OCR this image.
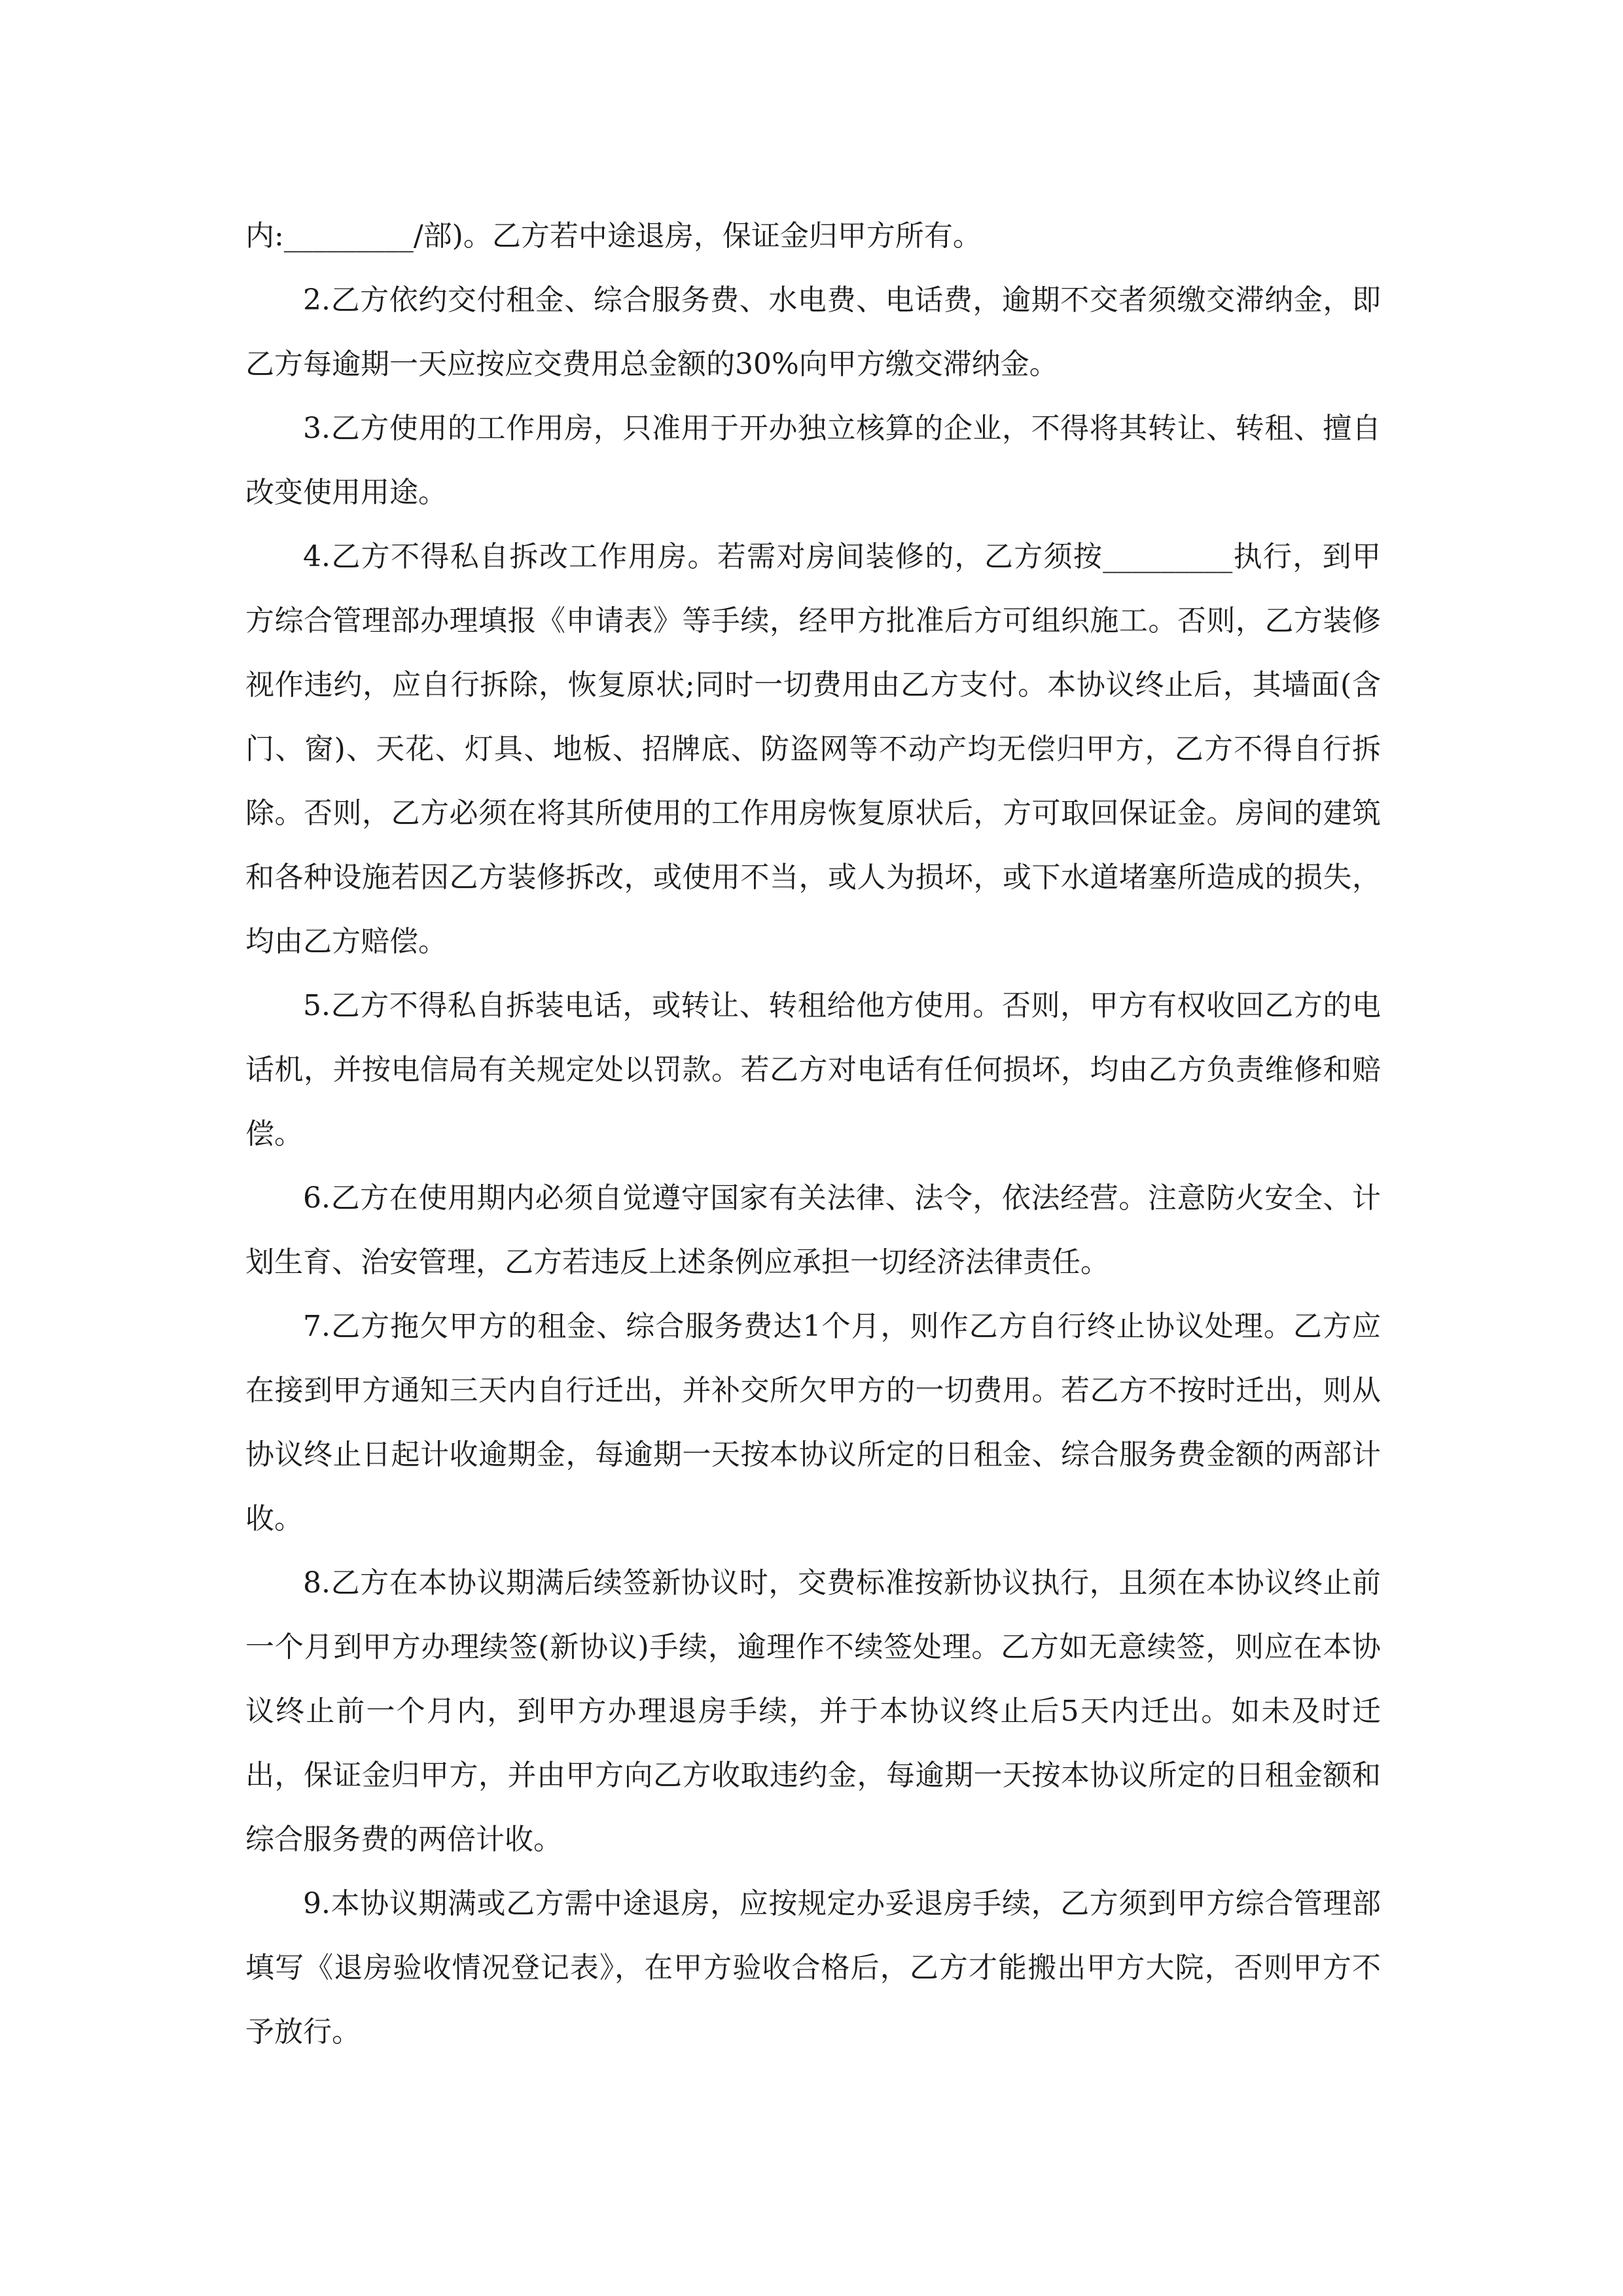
内:_________/部)。乙方若中途退房，保证金归甲方所有。

2.乙方依约交付租金、综合服务费、水电费、电话费，逾期不交者须缴交滞纳金，即乙方每逾期一天应按应交费用总金额的30%向甲方缴交滞纳金。

3.乙方使用的工作用房，只准用于开办独立核算的企业，不得将其转让、转租、擅自改变使用用途。

4.乙方不得私自拆改工作用房。若需对房间装修的，乙方须按_________执行，到甲方综合管理部办理填报《申请表》等手续，经甲方批准后方可组织施工。否则，乙方装修视作违约，应自行拆除，恢复原状;同时一切费用由乙方支付。本协议终止后，其墙面(含门、窗)、天花、灯具、地板、招牌底、防盗网等不动产均无偿归甲方，乙方不得自行拆除。否则，乙方必须在将其所使用的工作用房恢复原状后，方可取回保证金。房间的建筑和各种设施若因乙方装修拆改，或使用不当，或人为损坏，或下水道堵塞所造成的损失，均由乙方赔偿。

5.乙方不得私自拆装电话，或转让、转租给他方使用。否则，甲方有权收回乙方的电话机，并按电信局有关规定处以罚款。若乙方对电话有任何损坏，均由乙方负责维修和赔偿。

6.乙方在使用期内必须自觉遵守国家有关法律、法令，依法经营。注意防火安全、计划生育、治安管理，乙方若违反上述条例应承担一切经济法律责任。

7.乙方拖欠甲方的租金、综合服务费达1个月，则作乙方自行终止协议处理。乙方应在接到甲方通知三天内自行迁出，并补交所欠甲方的一切费用。若乙方不按时迁出，则从协议终止日起计收逾期金，每逾期一天按本协议所定的日租金、综合服务费金额的两部计收。

8.乙方在本协议期满后续签新协议时，交费标准按新协议执行，且须在本协议终止前一个月到甲方办理续签(新协议)手续，逾理作不续签处理。乙方如无意续签，则应在本协议终止前一个月内，到甲方办理退房手续，并于本协议终止后5天内迁出。如未及时迁出，保证金归甲方，并由甲方向乙方收取违约金，每逾期一天按本协议所定的日租金额和综合服务费的两倍计收。

9.本协议期满或乙方需中途退房，应按规定办妥退房手续，乙方须到甲方综合管理部填写《退房验收情况登记表》，在甲方验收合格后，乙方才能搬出甲方大院，否则甲方不予放行。
